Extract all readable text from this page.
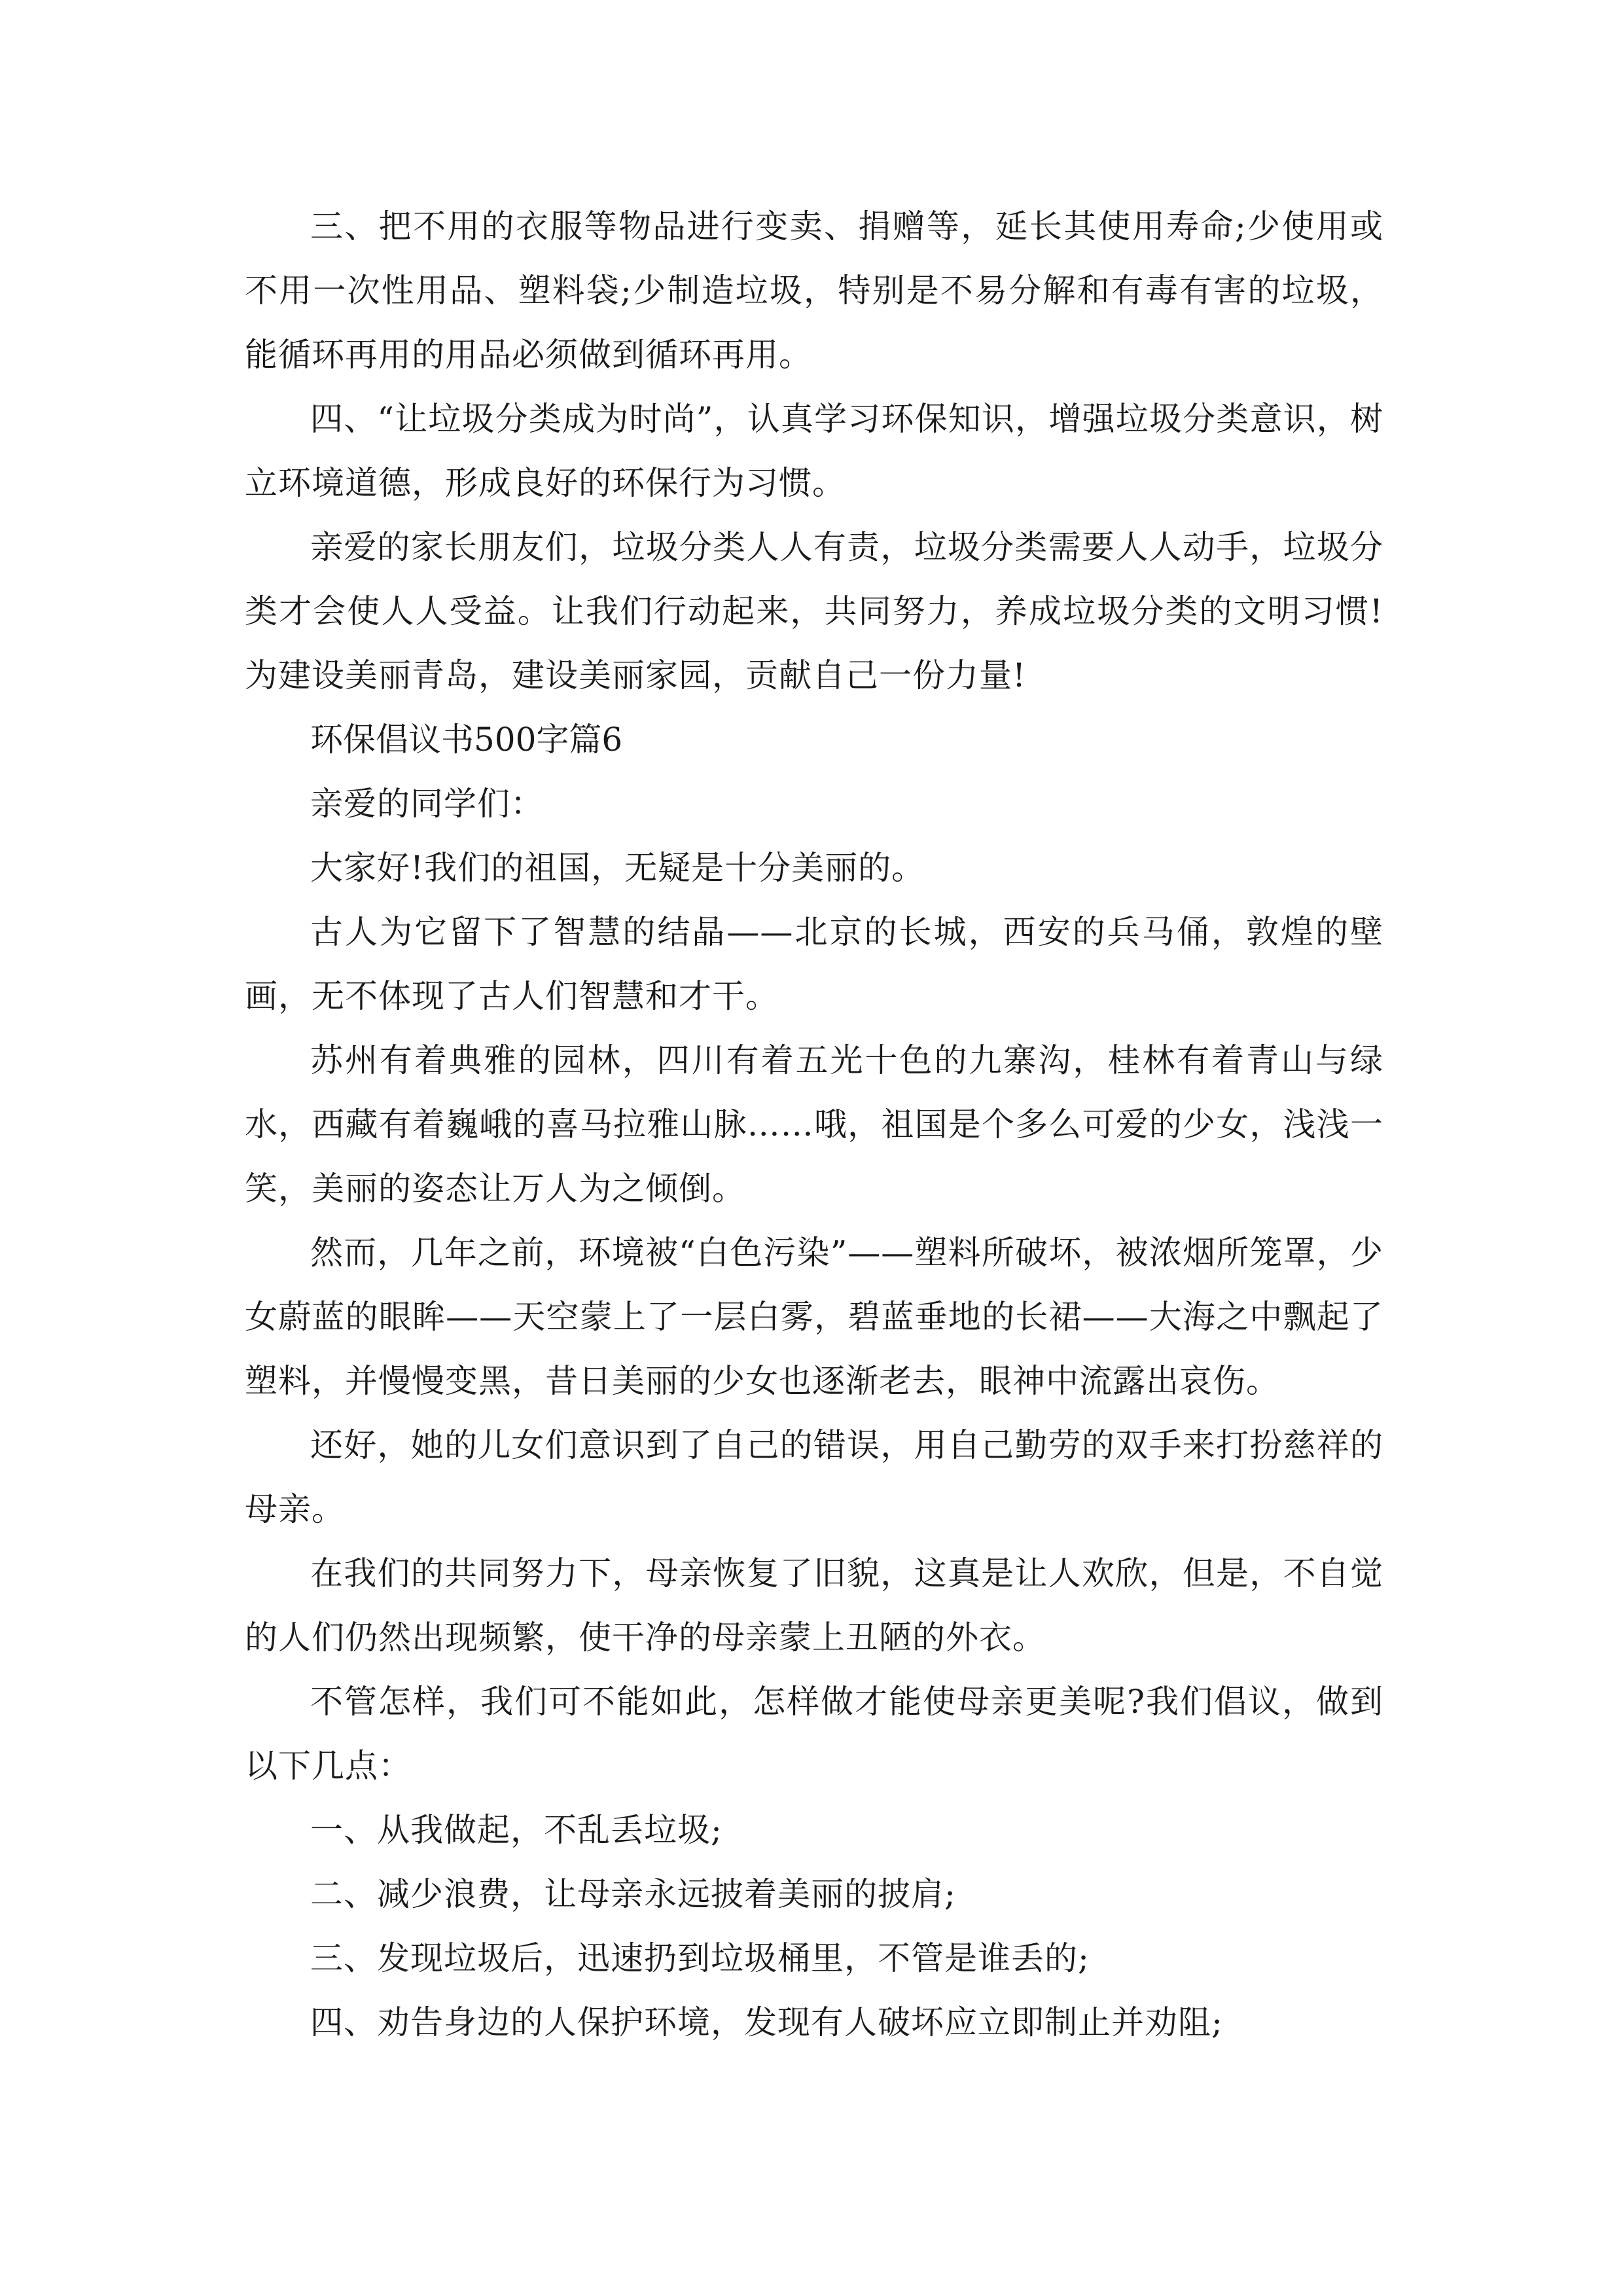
三、把不用的衣服等物品进行变卖、捐赠等，延长其使用寿命;少使用或不用一次性用品、塑料袋;少制造垃圾，特别是不易分解和有毒有害的垃圾，能循环再用的用品必须做到循环再用。

四、“让垃圾分类成为时尚”，认真学习环保知识，增强垃圾分类意识，树立环境道德，形成良好的环保行为习惯。

亲爱的家长朋友们，垃圾分类人人有责，垃圾分类需要人人动手，垃圾分类才会使人人受益。让我们行动起来，共同努力，养成垃圾分类的文明习惯!为建设美丽青岛，建设美丽家园，贡献自己一份力量!

环保倡议书500字篇6

亲爱的同学们：

大家好!我们的祖国，无疑是十分美丽的。

古人为它留下了智慧的结晶——北京的长城，西安的兵马俑，敦煌的壁画，无不体现了古人们智慧和才干。

苏州有着典雅的园林，四川有着五光十色的九寨沟，桂林有着青山与绿水，西藏有着巍峨的喜马拉雅山脉……哦，祖国是个多么可爱的少女，浅浅一笑，美丽的姿态让万人为之倾倒。

然而，几年之前，环境被“白色污染”——塑料所破坏，被浓烟所笼罩，少女蔚蓝的眼眸——天空蒙上了一层白雾，碧蓝垂地的长裙——大海之中飘起了塑料，并慢慢变黑，昔日美丽的少女也逐渐老去，眼神中流露出哀伤。

还好，她的儿女们意识到了自己的错误，用自己勤劳的双手来打扮慈祥的母亲。

在我们的共同努力下，母亲恢复了旧貌，这真是让人欢欣，但是，不自觉的人们仍然出现频繁，使干净的母亲蒙上丑陋的外衣。

不管怎样，我们可不能如此，怎样做才能使母亲更美呢?我们倡议，做到以下几点：

一、从我做起，不乱丢垃圾;

二、减少浪费，让母亲永远披着美丽的披肩;

三、发现垃圾后，迅速扔到垃圾桶里，不管是谁丢的;

四、劝告身边的人保护环境，发现有人破坏应立即制止并劝阻;
